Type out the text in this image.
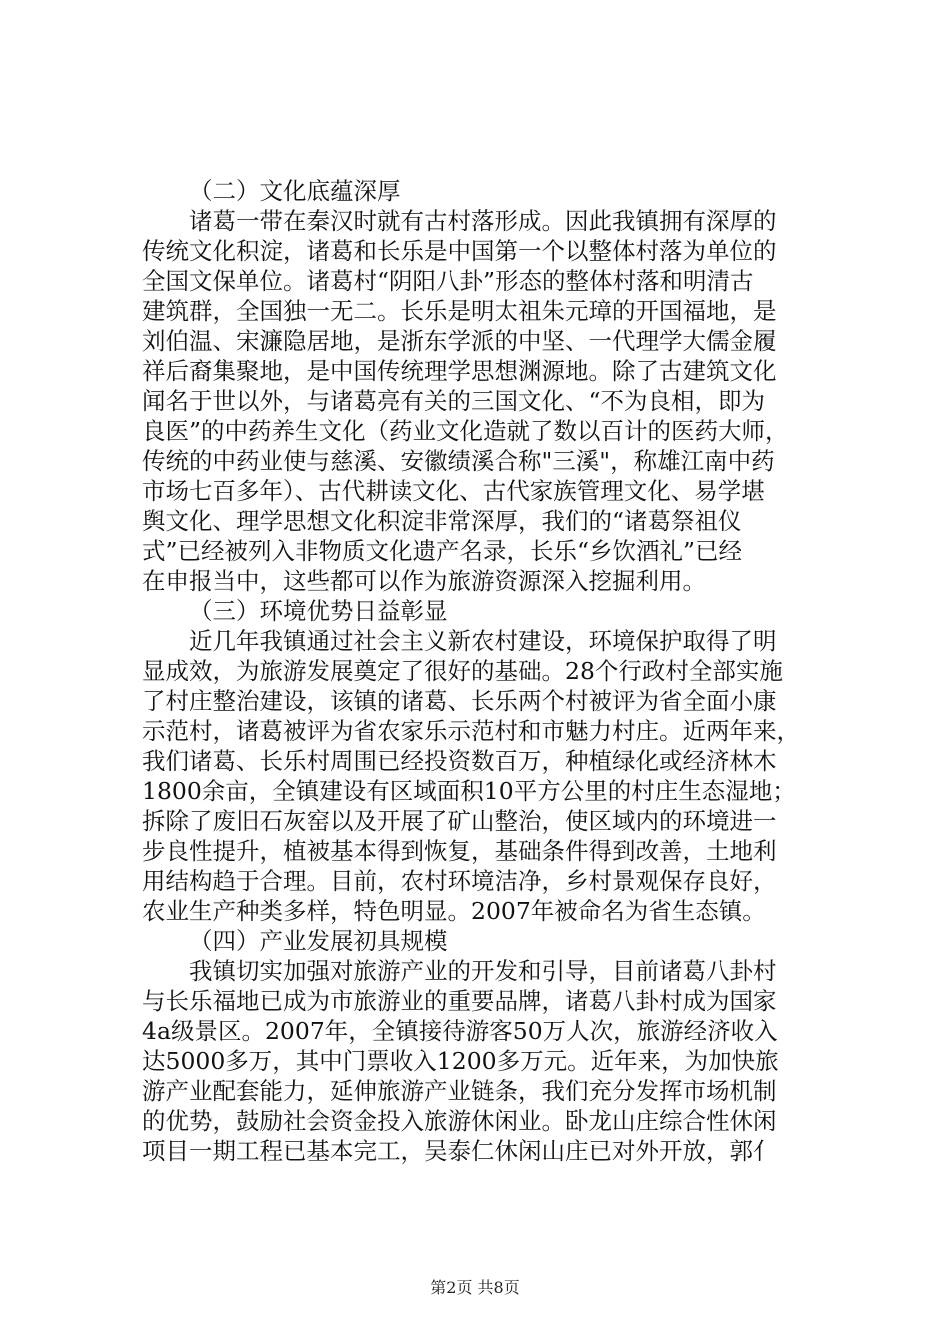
（二）文化底蕴深厚
诸葛一带在秦汉时就有古村落形成。因此我镇拥有深厚的
传统文化积淀，诸葛和长乐是中国第一个以整体村落为单位的
全国文保单位。诸葛村“阴阳八卦”形态的整体村落和明清古
建筑群，全国独一无二。长乐是明太祖朱元璋的开国福地，是
刘伯温、宋濂隐居地，是浙东学派的中坚、一代理学大儒金履
祥后裔集聚地，是中国传统理学思想渊源地。除了古建筑文化
闻名于世以外，与诸葛亮有关的三国文化、“不为良相，即为
良医”的中药养生文化（药业文化造就了数以百计的医药大师，
传统的中药业使与慈溪、安徽绩溪合称"三溪"，称雄江南中药
市场七百多年）、古代耕读文化、古代家族管理文化、易学堪
舆文化、理学思想文化积淀非常深厚，我们的“诸葛祭祖仪
式”已经被列入非物质文化遗产名录，长乐“乡饮酒礼”已经
在申报当中，这些都可以作为旅游资源深入挖掘利用。
（三）环境优势日益彰显
近几年我镇通过社会主义新农村建设，环境保护取得了明
显成效，为旅游发展奠定了很好的基础。28个行政村全部实施
了村庄整治建设，该镇的诸葛、长乐两个村被评为省全面小康
示范村，诸葛被评为省农家乐示范村和市魅力村庄。近两年来，
我们诸葛、长乐村周围已经投资数百万，种植绿化或经济林木
1800余亩，全镇建设有区域面积10平方公里的村庄生态湿地；
拆除了废旧石灰窑以及开展了矿山整治，使区域内的环境进一
步良性提升，植被基本得到恢复，基础条件得到改善，土地利
用结构趋于合理。目前，农村环境洁净，乡村景观保存良好，
农业生产种类多样，特色明显。2007年被命名为省生态镇。
（四）产业发展初具规模
我镇切实加强对旅游产业的开发和引导，目前诸葛八卦村
与长乐福地已成为市旅游业的重要品牌，诸葛八卦村成为国家
4a级景区。2007年，全镇接待游客50万人次，旅游经济收入
达5000多万，其中门票收入1200多万元。近年来，为加快旅
游产业配套能力，延伸旅游产业链条，我们充分发挥市场机制
的优势，鼓励社会资金投入旅游休闲业。卧龙山庄综合性休闲
项目一期工程已基本完工，吴泰仁休闲山庄已对外开放，郭亻
第2页 共8页
